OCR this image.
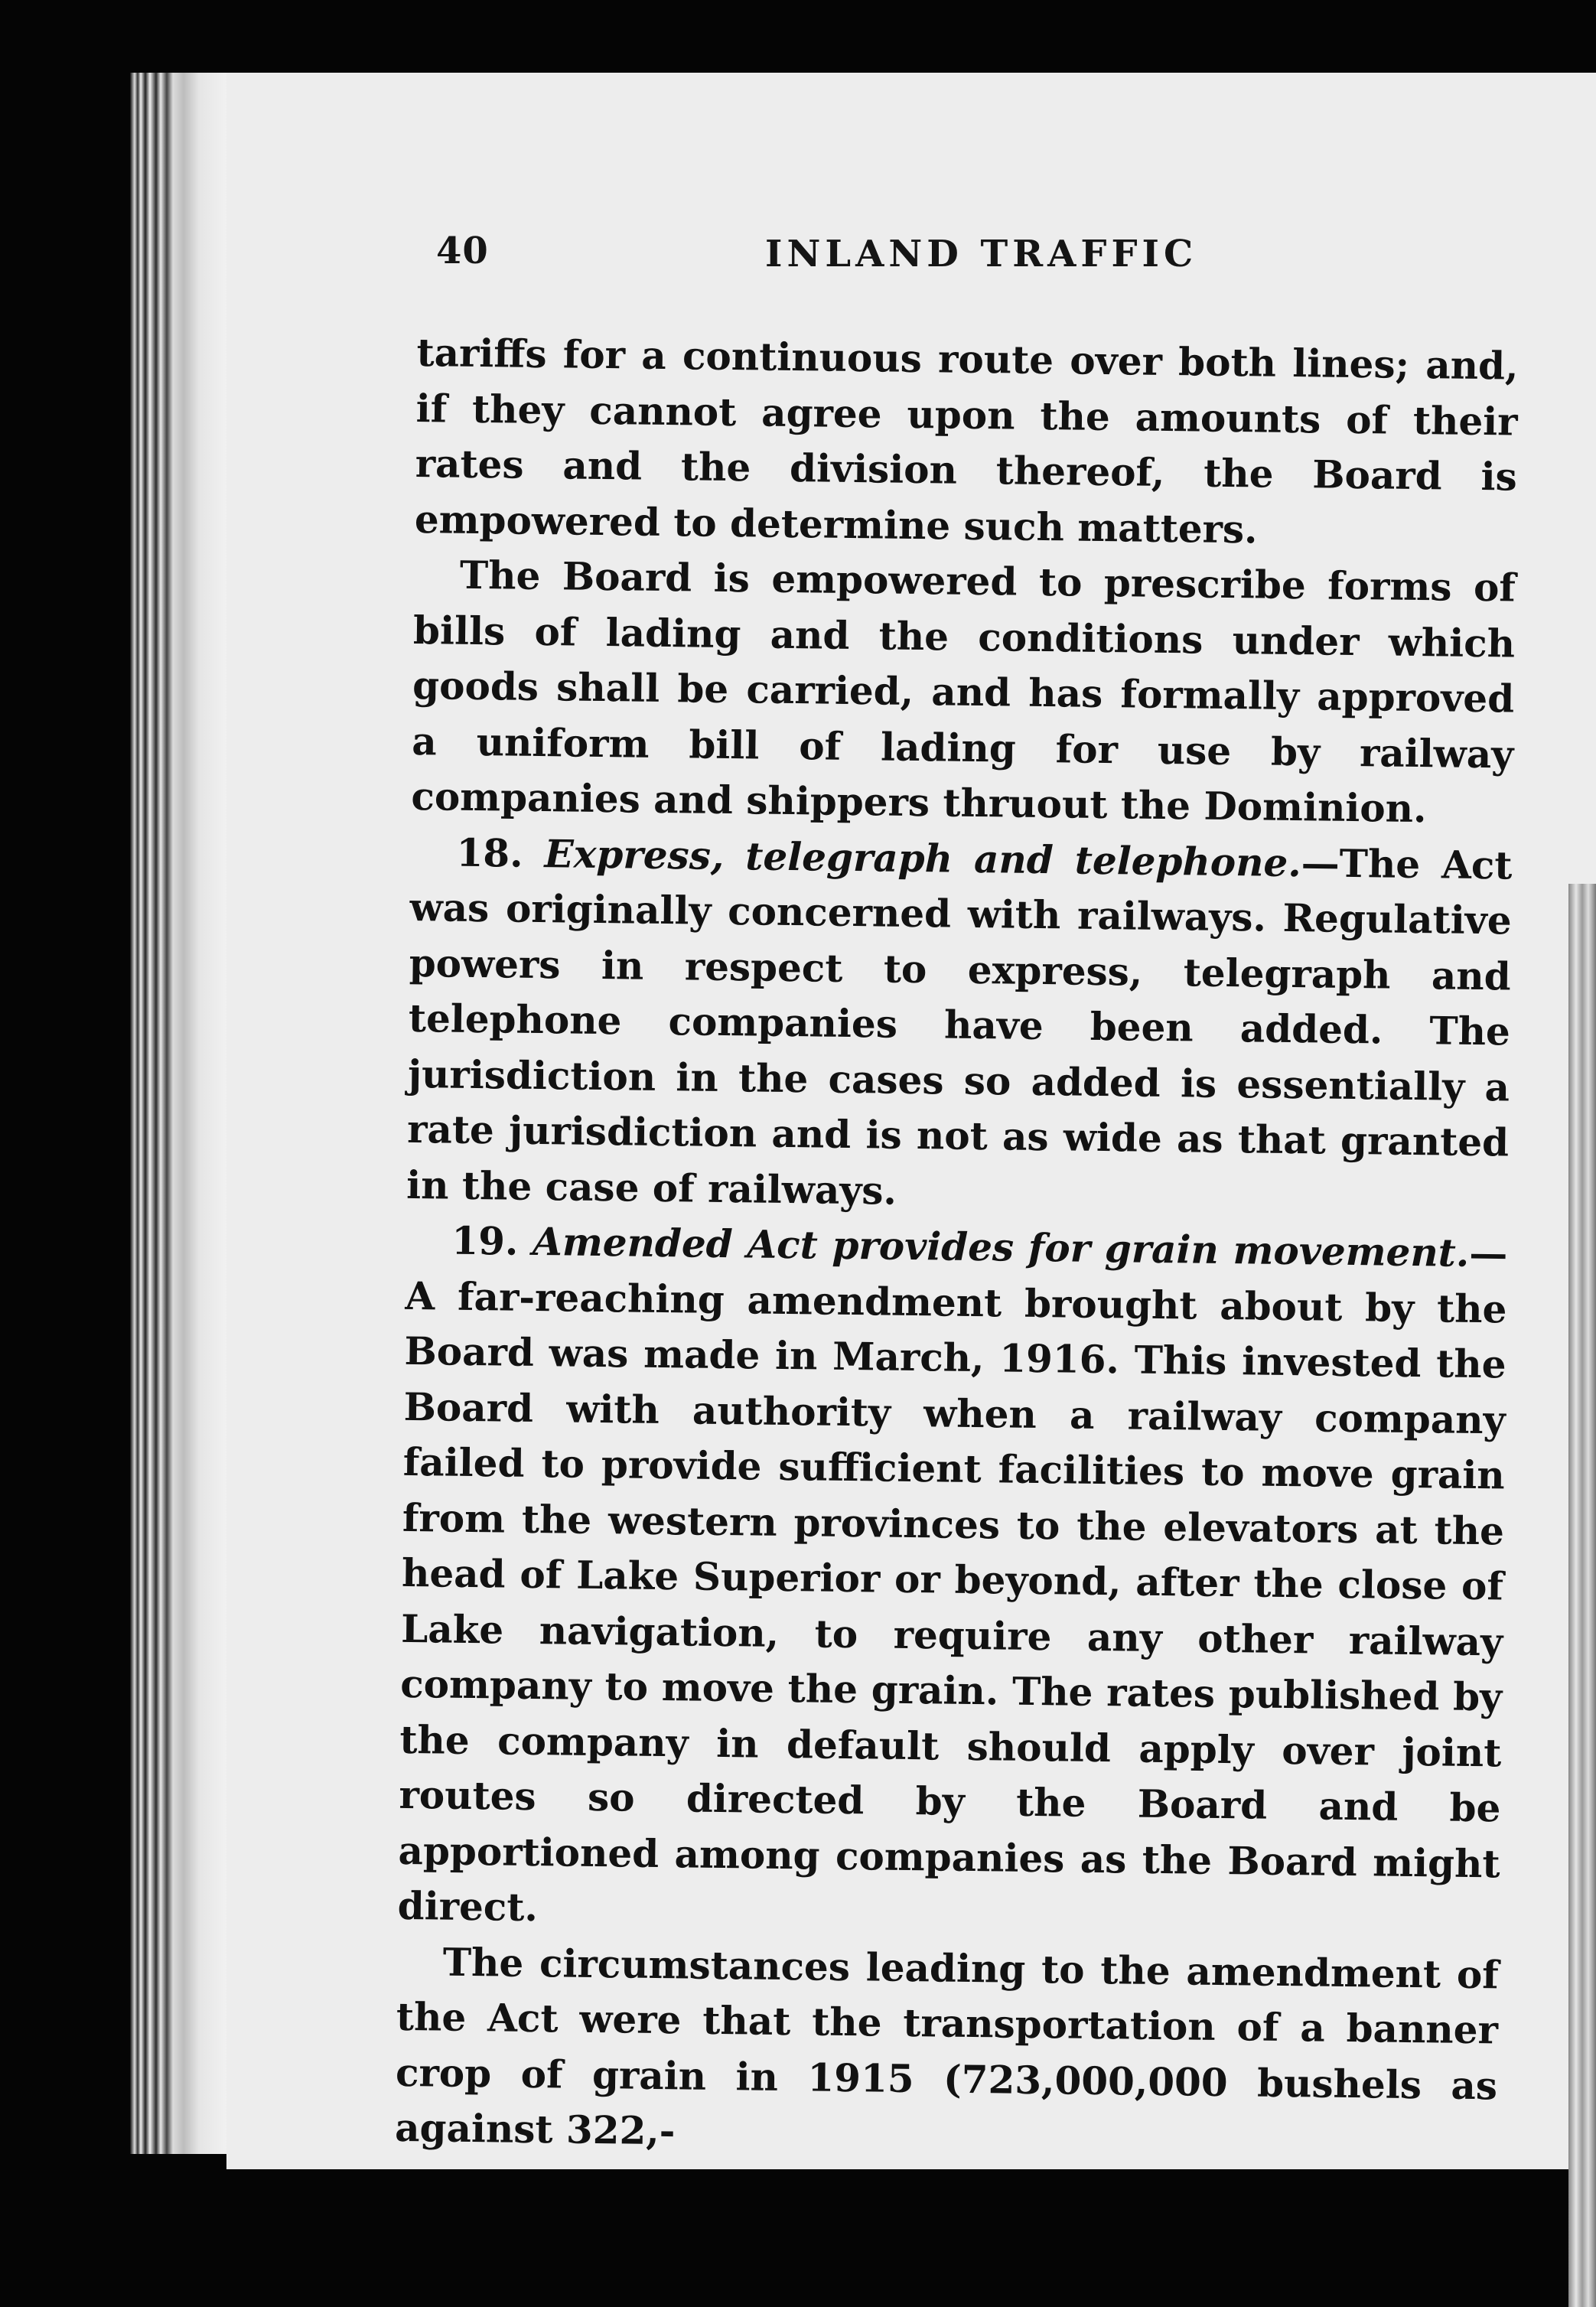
40	INLAND TRAFFIC

tariffs for a continuous route over both lines; and, if they cannot agree upon the amounts of their rates and the division thereof, the Board is empowered to determine such matters.

The Board is empowered to prescribe forms of bills of lading and the conditions under which goods shall be carried, and has formally approved a uniform bill of lading for use by railway companies and shippers thruout the Dominion.

18. Express, telegraph and telephone.—The Act was originally concerned with railways. Regulative powers in respect to express, telegraph and telephone companies have been added. The jurisdiction in the cases so added is essentially a rate jurisdiction and is not as wide as that granted in the case of railways.

19. Amended Act provides for grain movement.—A far-reaching amendment brought about by the Board was made in March, 1916. This invested the Board with authority when a railway company failed to provide sufficient facilities to move grain from the western provinces to the elevators at the head of Lake Superior or beyond, after the close of Lake navigation, to require any other railway company to move the grain. The rates published by the company in default should apply over joint routes so directed by the Board and be apportioned among companies as the Board might direct.

The circumstances leading to the amendment of the Act were that the transportation of a banner crop of grain in 1915 (723,000,000 bushels as against 322,-
